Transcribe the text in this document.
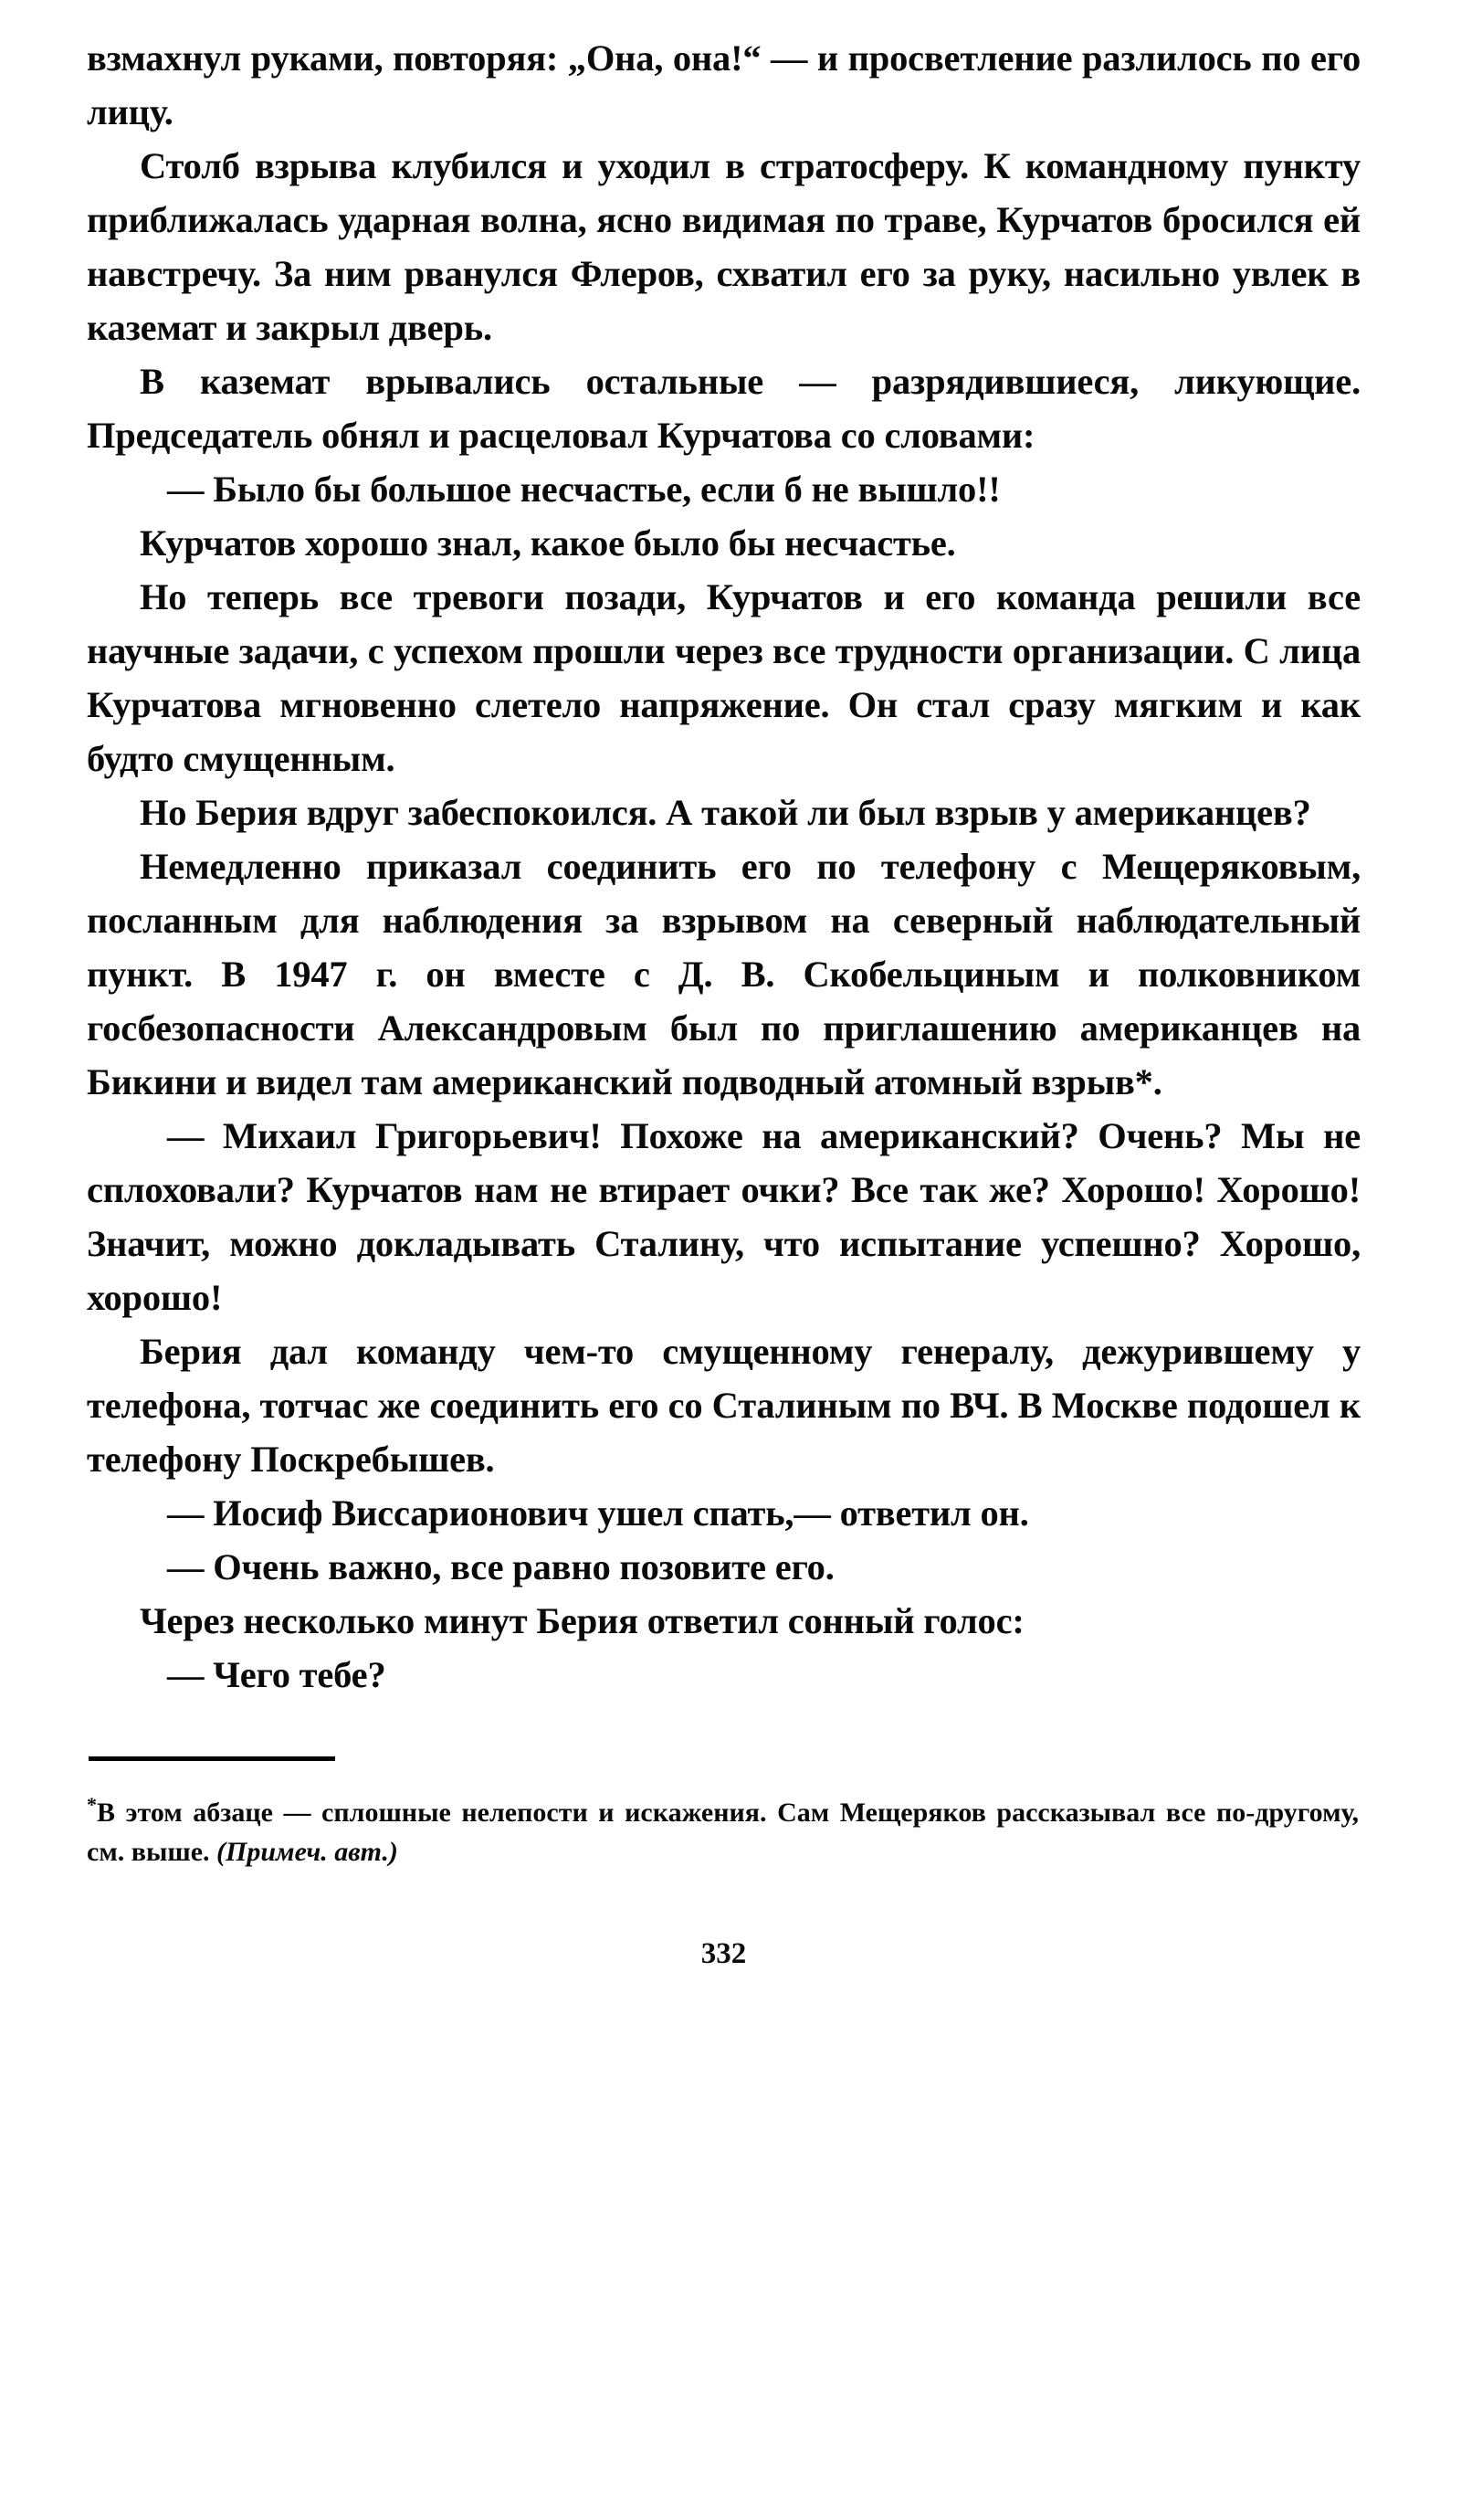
взмахнул руками, повторяя: „Она, она!“ — и просветление разлилось по его лицу.

Столб взрыва клубился и уходил в стратосферу. К командному пункту приближалась ударная волна, ясно видимая по траве, Курчатов бросился ей навстречу. За ним рванулся Флеров, схватил его за руку, насильно увлек в каземат и закрыл дверь.

В каземат врывались остальные — разрядившиеся, ликующие. Председатель обнял и расцеловал Курчатова со словами:

— Было бы большое несчастье, если б не вышло!!

Курчатов хорошо знал, какое было бы несчастье.

Но теперь все тревоги позади, Курчатов и его команда решили все научные задачи, с успехом прошли через все трудности организации. С лица Курчатова мгновенно слетело напряжение. Он стал сразу мягким и как будто смущенным.

Но Берия вдруг забеспокоился. А такой ли был взрыв у американцев?

Немедленно приказал соединить его по телефону с Мещеряковым, посланным для наблюдения за взрывом на северный наблюдательный пункт. В 1947 г. он вместе с Д. В. Скобельциным и полковником госбезопасности Александровым был по приглашению американцев на Бикини и видел там американский подводный атомный взрыв*.

— Михаил Григорьевич! Похоже на американский? Очень? Мы не сплоховали? Курчатов нам не втирает очки? Все так же? Хорошо! Хорошо! Значит, можно докладывать Сталину, что испытание успешно? Хорошо, хорошо!

Берия дал команду чем-то смущенному генералу, дежурившему у телефона, тотчас же соединить его со Сталиным по ВЧ. В Москве подошел к телефону Поскребышев.

— Иосиф Виссарионович ушел спать,— ответил он.

— Очень важно, все равно позовите его.

Через несколько минут Берия ответил сонный голос:

— Чего тебе?

*В этом абзаце — сплошные нелепости и искажения. Сам Мещеряков рассказывал все по-другому, см. выше. (Примеч. авт.)
332
